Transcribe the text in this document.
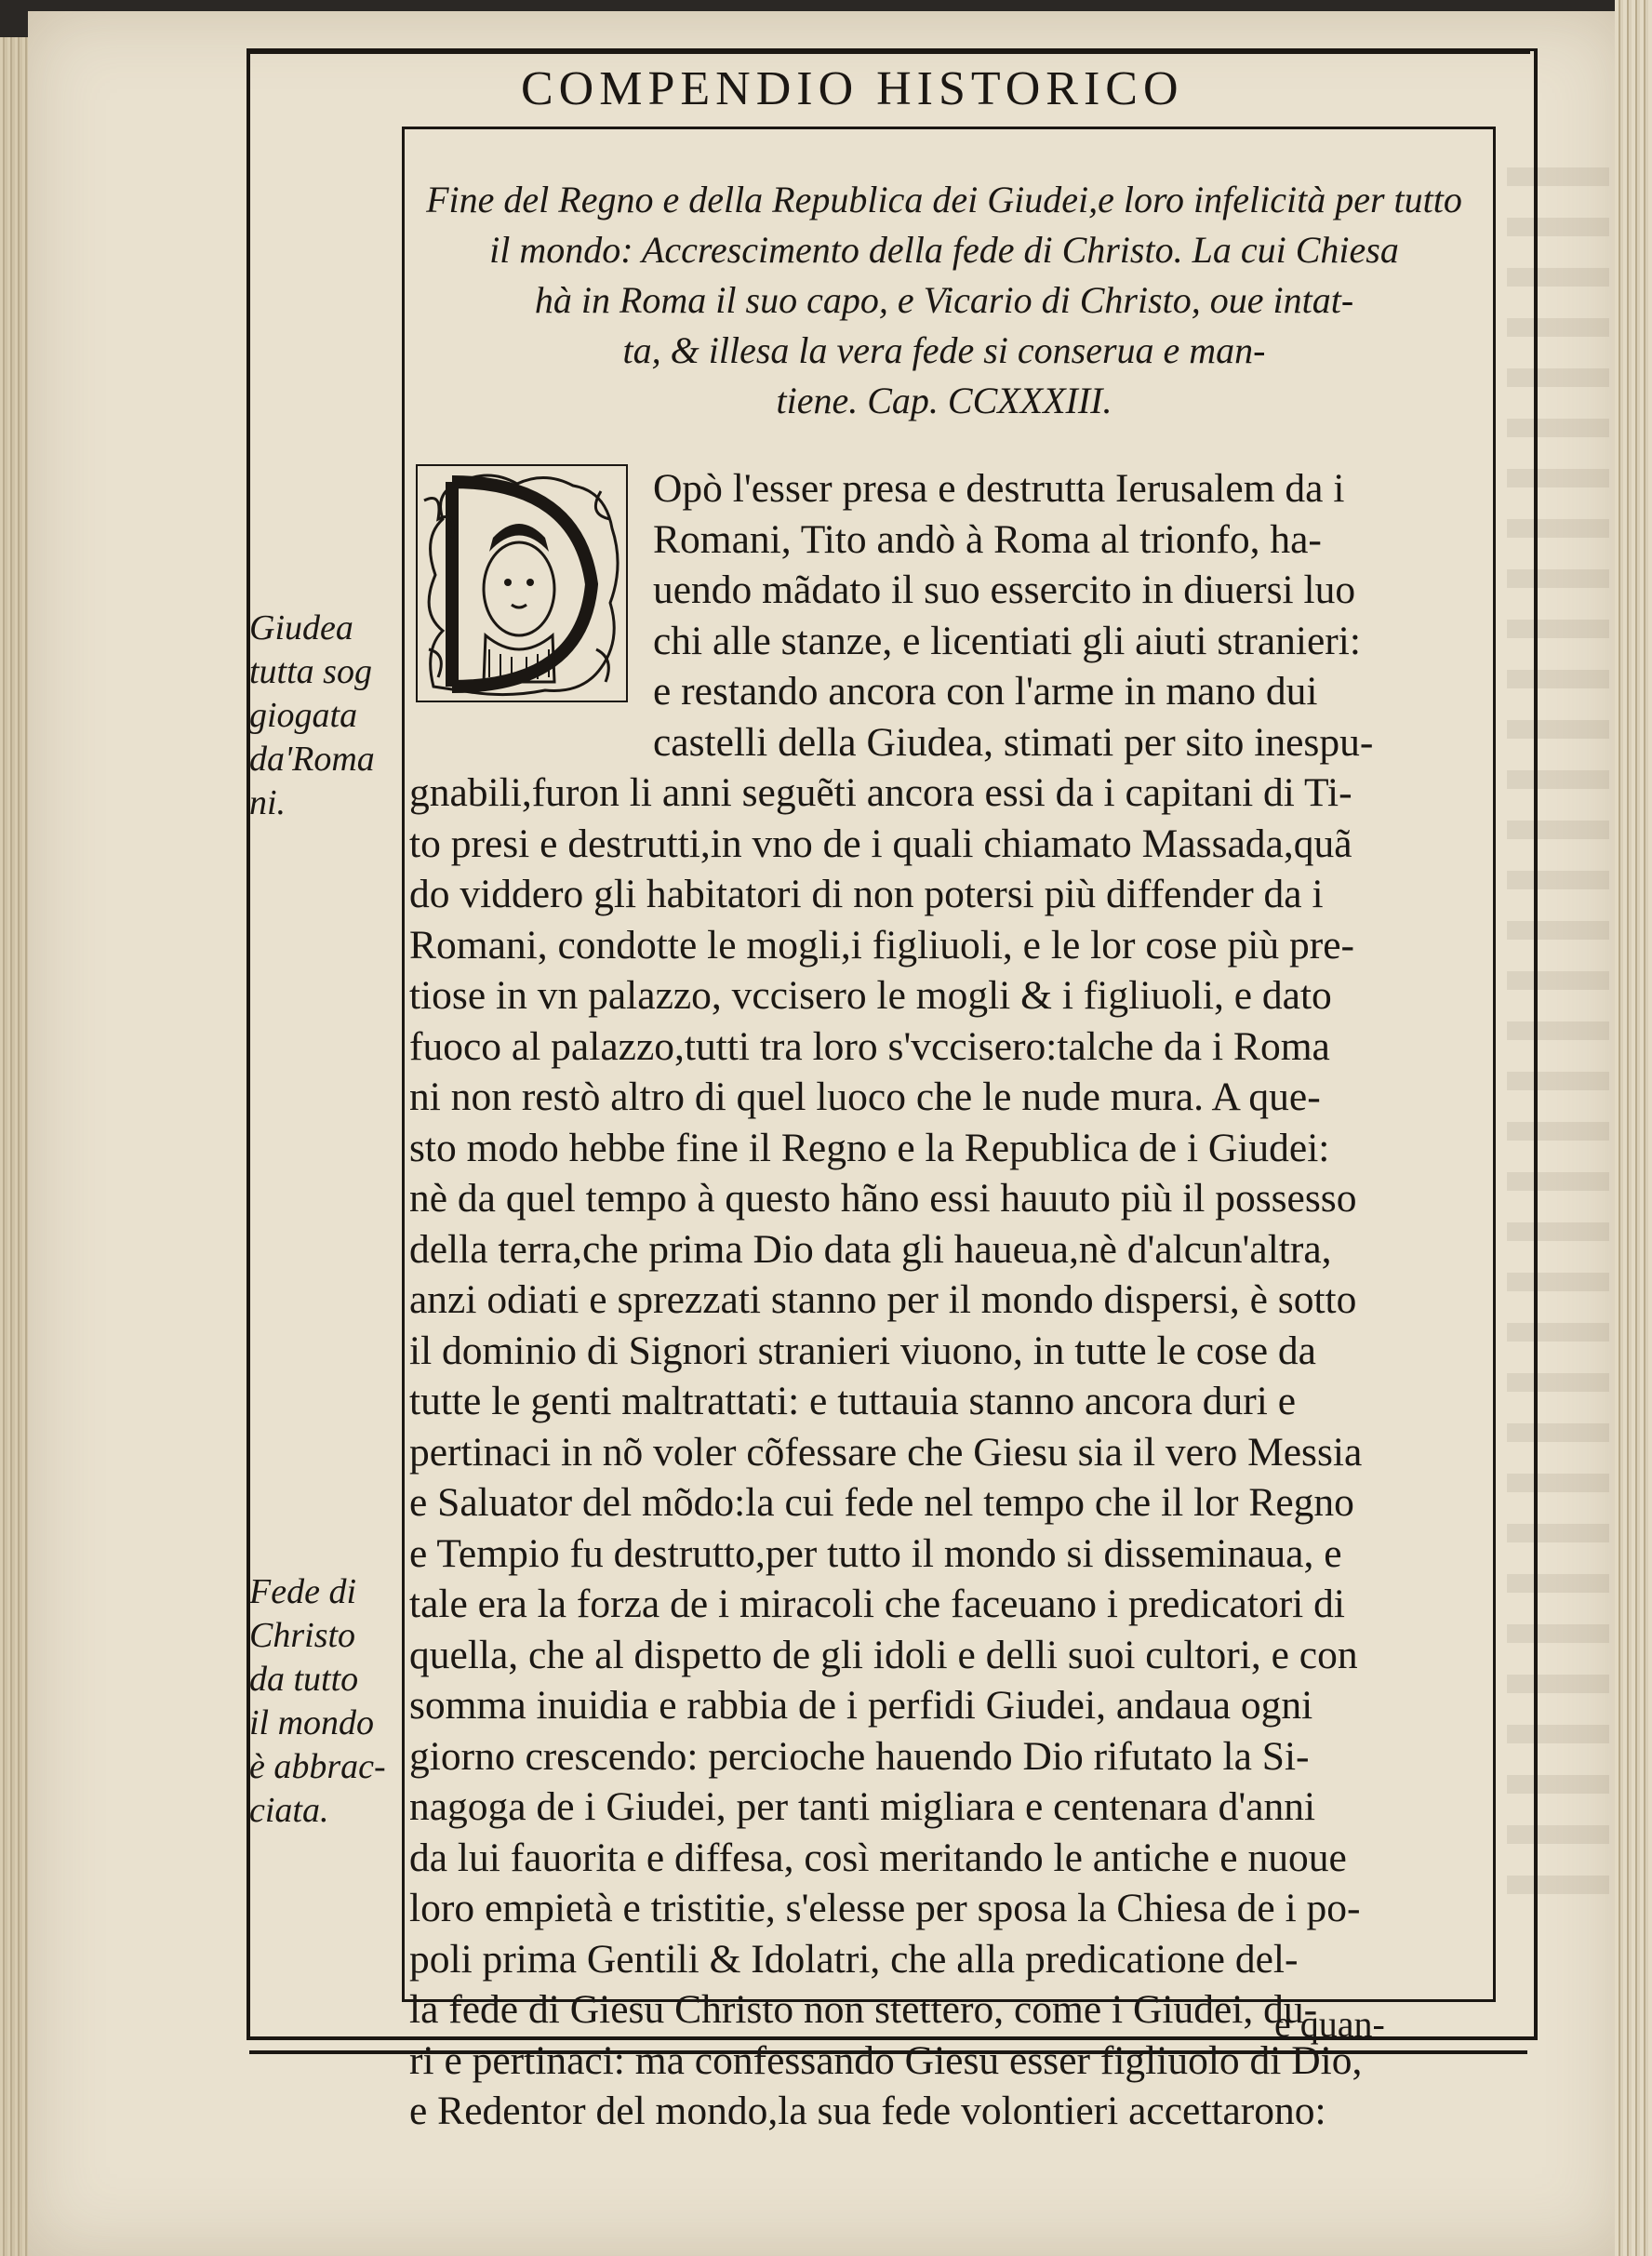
COMPENDIO HISTORICO
Fine del Regno e della Republica dei Giudei,e loro infelicità per tutto
il mondo: Accrescimento della fede di Christo. La cui Chiesa
hà in Roma il suo capo, e Vicario di Christo, oue intat-
ta, & illesa la vera fede si conserua e man-
tiene. Cap. CCXXXIII.
Opò l'esser presa e destrutta Ierusalem da i
Romani, Tito andò à Roma al trionfo, ha-
uendo mãdato il suo essercito in diuersi luo
chi alle stanze, e licentiati gli aiuti stranieri:
e restando ancora con l'arme in mano dui
castelli della Giudea, stimati per sito inespu-
gnabili,furon li anni seguẽti ancora essi da i capitani di Ti-
to presi e destrutti,in vno de i quali chiamato Massada,quã
do viddero gli habitatori di non potersi più diffender da i
Romani, condotte le mogli,i figliuoli, e le lor cose più pre-
tiose in vn palazzo, vccisero le mogli & i figliuoli, e dato
fuoco al palazzo,tutti tra loro s'vccisero:talche da i Roma
ni non restò altro di quel luoco che le nude mura. A que-
sto modo hebbe fine il Regno e la Republica de i Giudei:
nè da quel tempo à questo hãno essi hauuto più il possesso
della terra,che prima Dio data gli haueua,nè d'alcun'altra,
anzi odiati e sprezzati stanno per il mondo dispersi, è sotto
il dominio di Signori stranieri viuono, in tutte le cose da
tutte le genti maltrattati: e tuttauia stanno ancora duri e
pertinaci in nõ voler cõfessare che Giesu sia il vero Messia
e Saluator del mõdo:la cui fede nel tempo che il lor Regno
e Tempio fu destrutto,per tutto il mondo si disseminaua, e
tale era la forza de i miracoli che faceuano i predicatori di
quella, che al dispetto de gli idoli e delli suoi cultori, e con
somma inuidia e rabbia de i perfidi Giudei, andaua ogni
giorno crescendo: percioche hauendo Dio rifutato la Si-
nagoga de i Giudei, per tanti migliara e centenara d'anni
da lui fauorita e diffesa, così meritando le antiche e nuoue
loro empietà e tristitie, s'elesse per sposa la Chiesa de i po-
poli prima Gentili & Idolatri, che alla predicatione del-
la fede di Giesu Christo non stettero, come i Giudei, du-
ri e pertinaci: ma confessando Giesu esser figliuolo di Dio,
e Redentor del mondo,la sua fede volontieri accettarono:
Giudea
tutta sog
giogata
da'Roma
ni.
Fede di
Christo
da tutto
il mondo
è abbrac-
ciata.
e quan-
